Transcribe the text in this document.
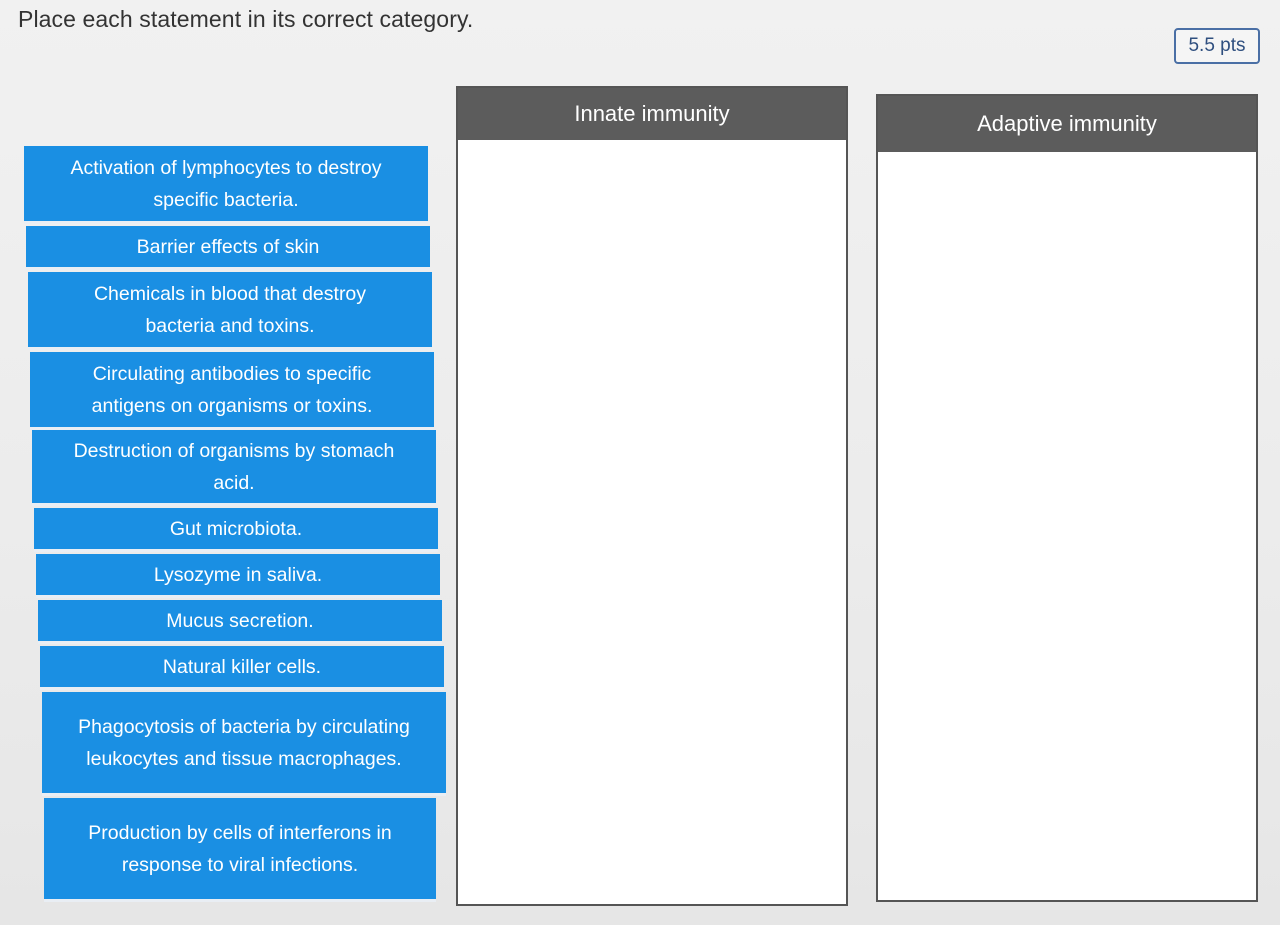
Place each statement in its correct category.
5.5 pts
Activation of lymphocytes to destroy specific bacteria.
Barrier effects of skin
Chemicals in blood that destroy bacteria and toxins.
Circulating antibodies to specific antigens on organisms or toxins.
Destruction of organisms by stomach acid.
Gut microbiota.
Lysozyme in saliva.
Mucus secretion.
Natural killer cells.
Phagocytosis of bacteria by circulating leukocytes and tissue macrophages.
Production by cells of interferons in response to viral infections.
Innate immunity	Adaptive immunity
